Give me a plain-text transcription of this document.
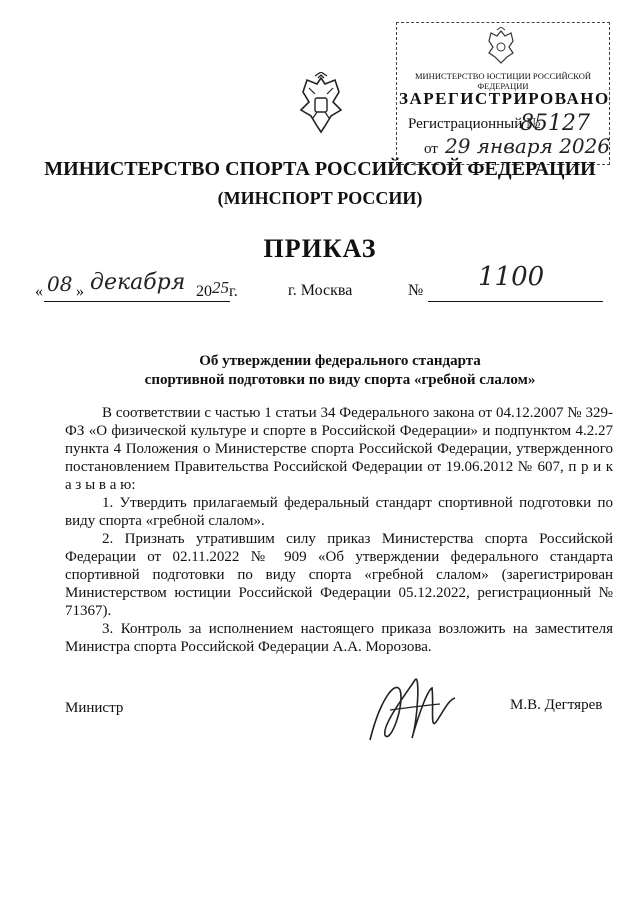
МИНИСТЕРСТВО ЮСТИЦИИ РОССИЙСКОЙ ФЕДЕРАЦИИ
ЗАРЕГИСТРИРОВАНО
Регистрационный №
85127
от 29 января 2026
МИНИСТЕРСТВО СПОРТА РОССИЙСКОЙ ФЕДЕРАЦИИ
(МИНСПОРТ РОССИИ)
ПРИКАЗ
« 08 » декабря 20 25 г.	г. Москва	№ 1100
Об утверждении федерального стандарта
спортивной подготовки по виду спорта «гребной слалом»

В соответствии с частью 1 статьи 34 Федерального закона от 04.12.2007 № 329-ФЗ «О физической культуре и спорте в Российской Федерации» и подпунктом 4.2.27 пункта 4 Положения о Министерстве спорта Российской Федерации, утвержденного постановлением Правительства Российской Федерации от 19.06.2012 № 607, п р и к а з ы в а ю:

1. Утвердить прилагаемый федеральный стандарт спортивной подготовки по виду спорта «гребной слалом».

2. Признать утратившим силу приказ Министерства спорта Российской Федерации от 02.11.2022 № 909 «Об утверждении федерального стандарта спортивной подготовки по виду спорта «гребной слалом» (зарегистрирован Министерством юстиции Российской Федерации 05.12.2022, регистрационный № 71367).

3. Контроль за исполнением настоящего приказа возложить на заместителя Министра спорта Российской Федерации А.А. Морозова.

Министр	М.В. Дегтярев
